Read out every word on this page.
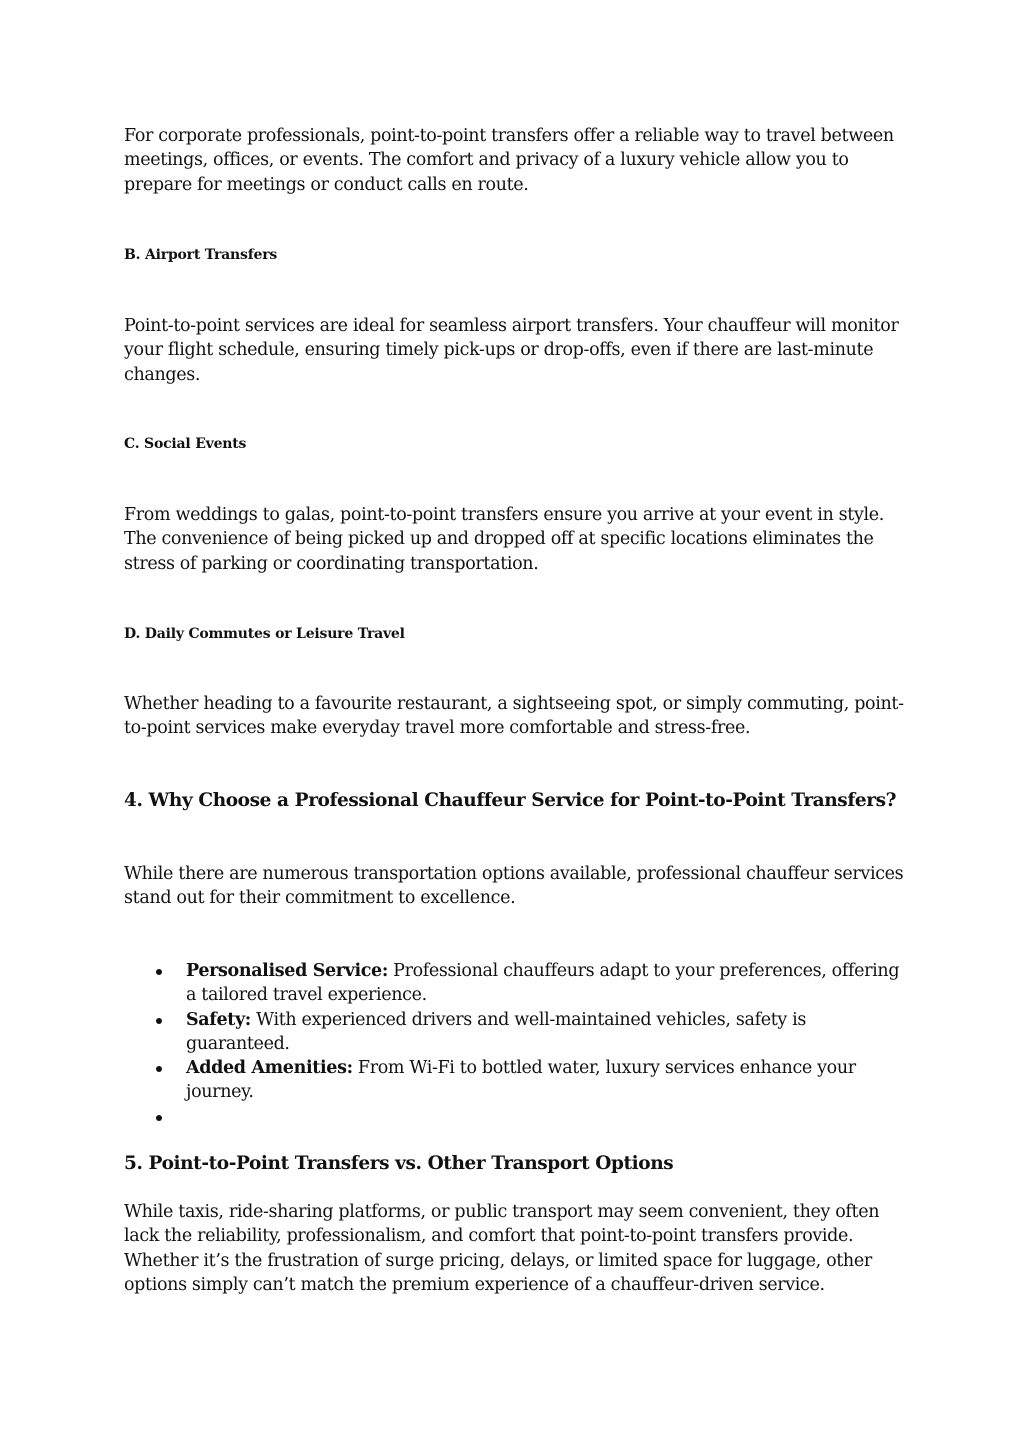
For corporate professionals, point-to-point transfers offer a reliable way to travel between meetings, offices, or events. The comfort and privacy of a luxury vehicle allow you to prepare for meetings or conduct calls en route.

B. Airport Transfers

Point-to-point services are ideal for seamless airport transfers. Your chauffeur will monitor your flight schedule, ensuring timely pick-ups or drop-offs, even if there are last-minute changes.

C. Social Events

From weddings to galas, point-to-point transfers ensure you arrive at your event in style. The convenience of being picked up and dropped off at specific locations eliminates the stress of parking or coordinating transportation.

D. Daily Commutes or Leisure Travel

Whether heading to a favourite restaurant, a sightseeing spot, or simply commuting, point-to-point services make everyday travel more comfortable and stress-free.

4. Why Choose a Professional Chauffeur Service for Point-to-Point Transfers?

While there are numerous transportation options available, professional chauffeur services stand out for their commitment to excellence.

Personalised Service: Professional chauffeurs adapt to your preferences, offering a tailored travel experience.
Safety: With experienced drivers and well-maintained vehicles, safety is guaranteed.
Added Amenities: From Wi-Fi to bottled water, luxury services enhance your journey.
5. Point-to-Point Transfers vs. Other Transport Options

While taxis, ride-sharing platforms, or public transport may seem convenient, they often lack the reliability, professionalism, and comfort that point-to-point transfers provide. Whether it’s the frustration of surge pricing, delays, or limited space for luggage, other options simply can’t match the premium experience of a chauffeur-driven service.
